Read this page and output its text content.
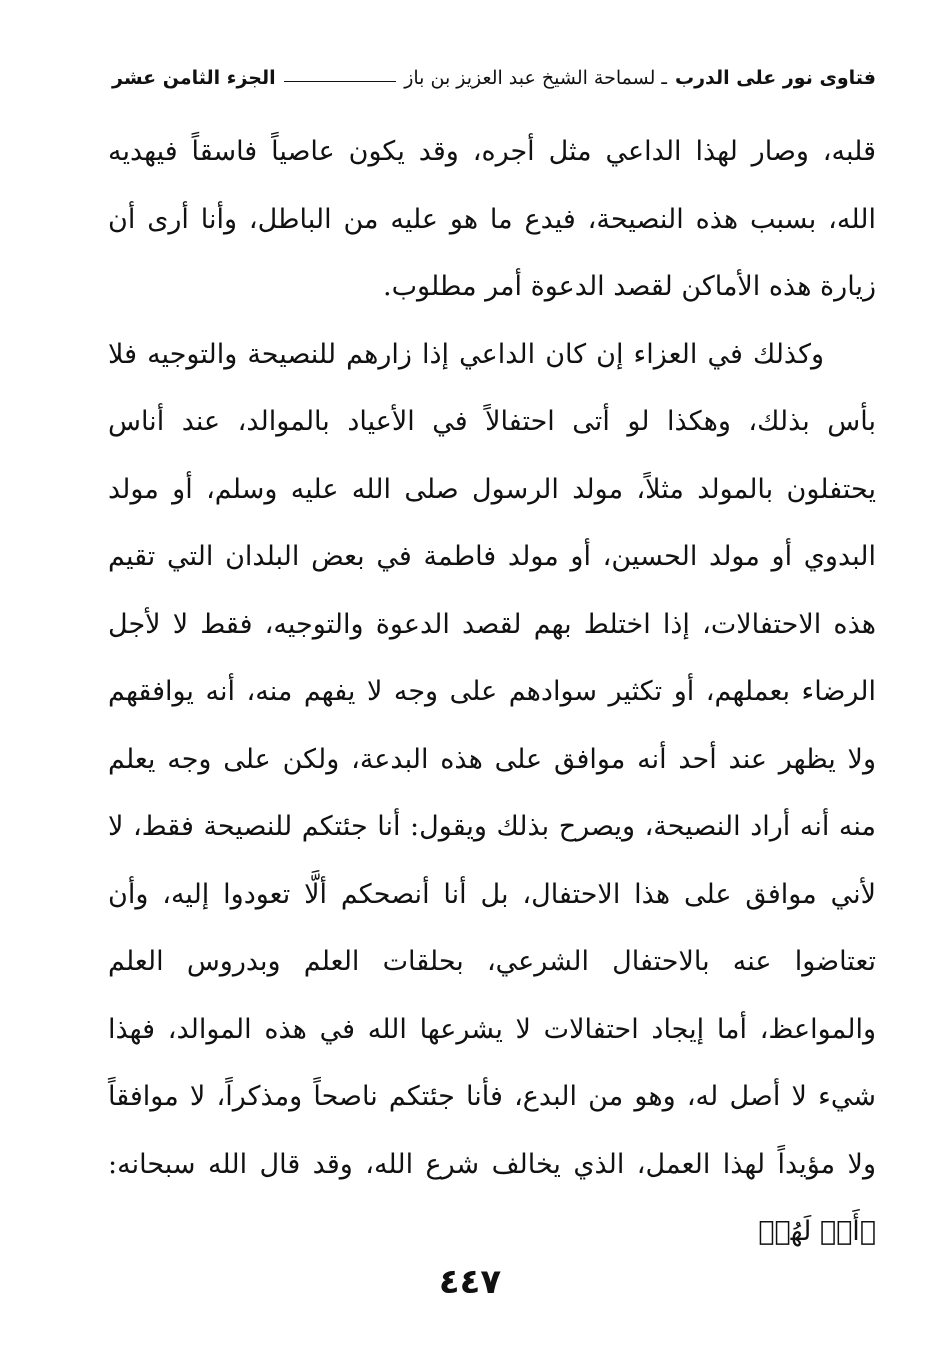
فتاوى نور على الدرب
ـ لسماحة الشيخ عبد العزيز بن باز
الجزء الثامن عشر

قلبه، وصار لهذا الداعي مثل أجره، وقد يكون عاصياً فاسقاً فيهديه الله، بسبب هذه النصيحة، فيدع ما هو عليه من الباطل، وأنا أرى أن زيارة هذه الأماكن لقصد الدعوة أمر مطلوب.

وكذلك في العزاء إن كان الداعي إذا زارهم للنصيحة والتوجيه فلا بأس بذلك، وهكذا لو أتى احتفالاً في الأعياد بالموالد، عند أناس يحتفلون بالمولد مثلاً، مولد الرسول صلى الله عليه وسلم، أو مولد البدوي أو مولد الحسين، أو مولد فاطمة في بعض البلدان التي تقيم هذه الاحتفالات، إذا اختلط بهم لقصد الدعوة والتوجيه، فقط لا لأجل الرضاء بعملهم، أو تكثير سوادهم على وجه لا يفهم منه، أنه يوافقهم ولا يظهر عند أحد أنه موافق على هذه البدعة، ولكن على وجه يعلم منه أنه أراد النصيحة، ويصرح بذلك ويقول: أنا جئتكم للنصيحة فقط، لا لأني موافق على هذا الاحتفال، بل أنا أنصحكم ألَّا تعودوا إليه، وأن تعتاضوا عنه بالاحتفال الشرعي، بحلقات العلم وبدروس العلم والمواعظ، أما إيجاد احتفالات لا يشرعها الله في هذه الموالد، فهذا شيء لا أصل له، وهو من البدع، فأنا جئتكم ناصحاً ومذكراً، لا موافقاً ولا مؤيداً لهذا العمل، الذي يخالف شرع الله، وقد قال الله سبحانه: ﴿أَمۡ لَهُمۡ

٤٤٧
